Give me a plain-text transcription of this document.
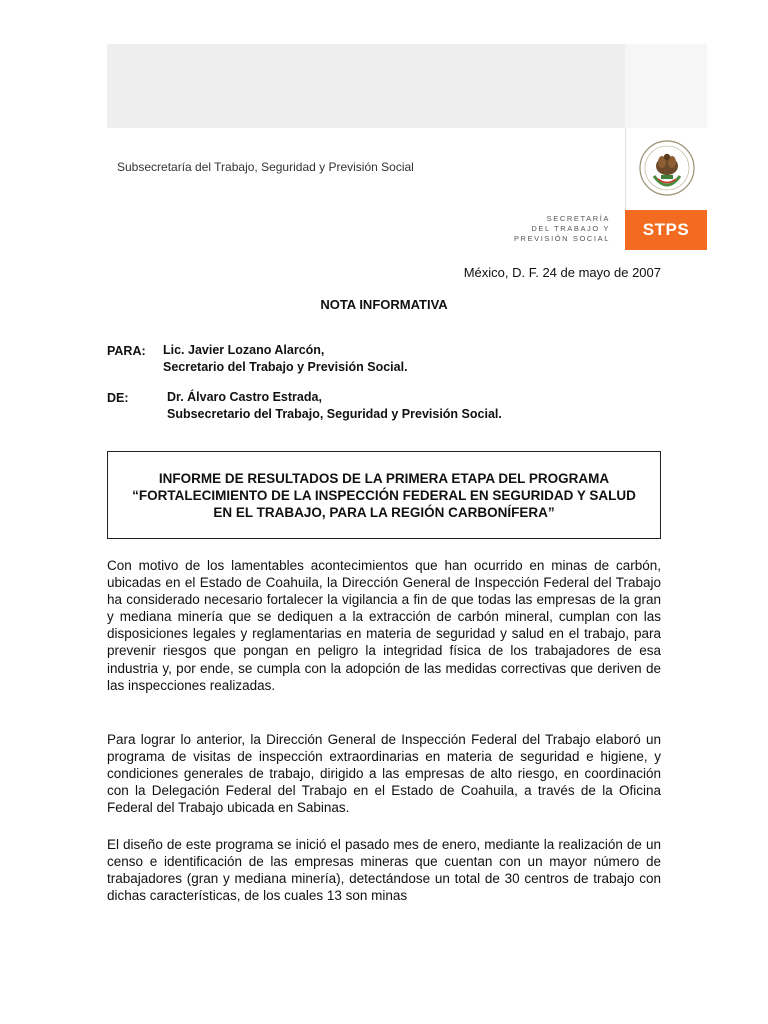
Subsecretaría del Trabajo, Seguridad y Previsión Social
SECRETARÍA
DEL TRABAJO Y
PREVISIÓN SOCIAL	STPS
México, D. F. 24 de mayo de 2007
NOTA INFORMATIVA
PARA: Lic. Javier Lozano Alarcón,
Secretario del Trabajo y Previsión Social.
DE:	Dr. Álvaro Castro Estrada,
Subsecretario del Trabajo, Seguridad y Previsión Social.
INFORME DE RESULTADOS DE LA PRIMERA ETAPA DEL PROGRAMA “FORTALECIMIENTO DE LA INSPECCIÓN FEDERAL EN SEGURIDAD Y SALUD EN EL TRABAJO, PARA LA REGIÓN CARBONÍFERA”
Con motivo de los lamentables acontecimientos que han ocurrido en minas de carbón, ubicadas en el Estado de Coahuila, la Dirección General de Inspección Federal del Trabajo ha considerado necesario fortalecer la vigilancia a fin de que todas las empresas de la gran y mediana minería que se dediquen a la extracción de carbón mineral, cumplan con las disposiciones legales y reglamentarias en materia de seguridad y salud en el trabajo, para prevenir riesgos que pongan en peligro la integridad física de los trabajadores de esa industria y, por ende, se cumpla con la adopción de las medidas correctivas que deriven de las inspecciones realizadas.
Para lograr lo anterior, la Dirección General de Inspección Federal del Trabajo elaboró un programa de visitas de inspección extraordinarias en materia de seguridad e higiene, y condiciones generales de trabajo, dirigido a las empresas de alto riesgo, en coordinación con la Delegación Federal del Trabajo en el Estado de Coahuila, a través de la Oficina Federal del Trabajo ubicada en Sabinas.
El diseño de este programa se inició el pasado mes de enero, mediante la realización de un censo e identificación de las empresas mineras que cuentan con un mayor número de trabajadores (gran y mediana minería), detectándose un total de 30 centros de trabajo con dichas características, de los cuales 13 son minas
